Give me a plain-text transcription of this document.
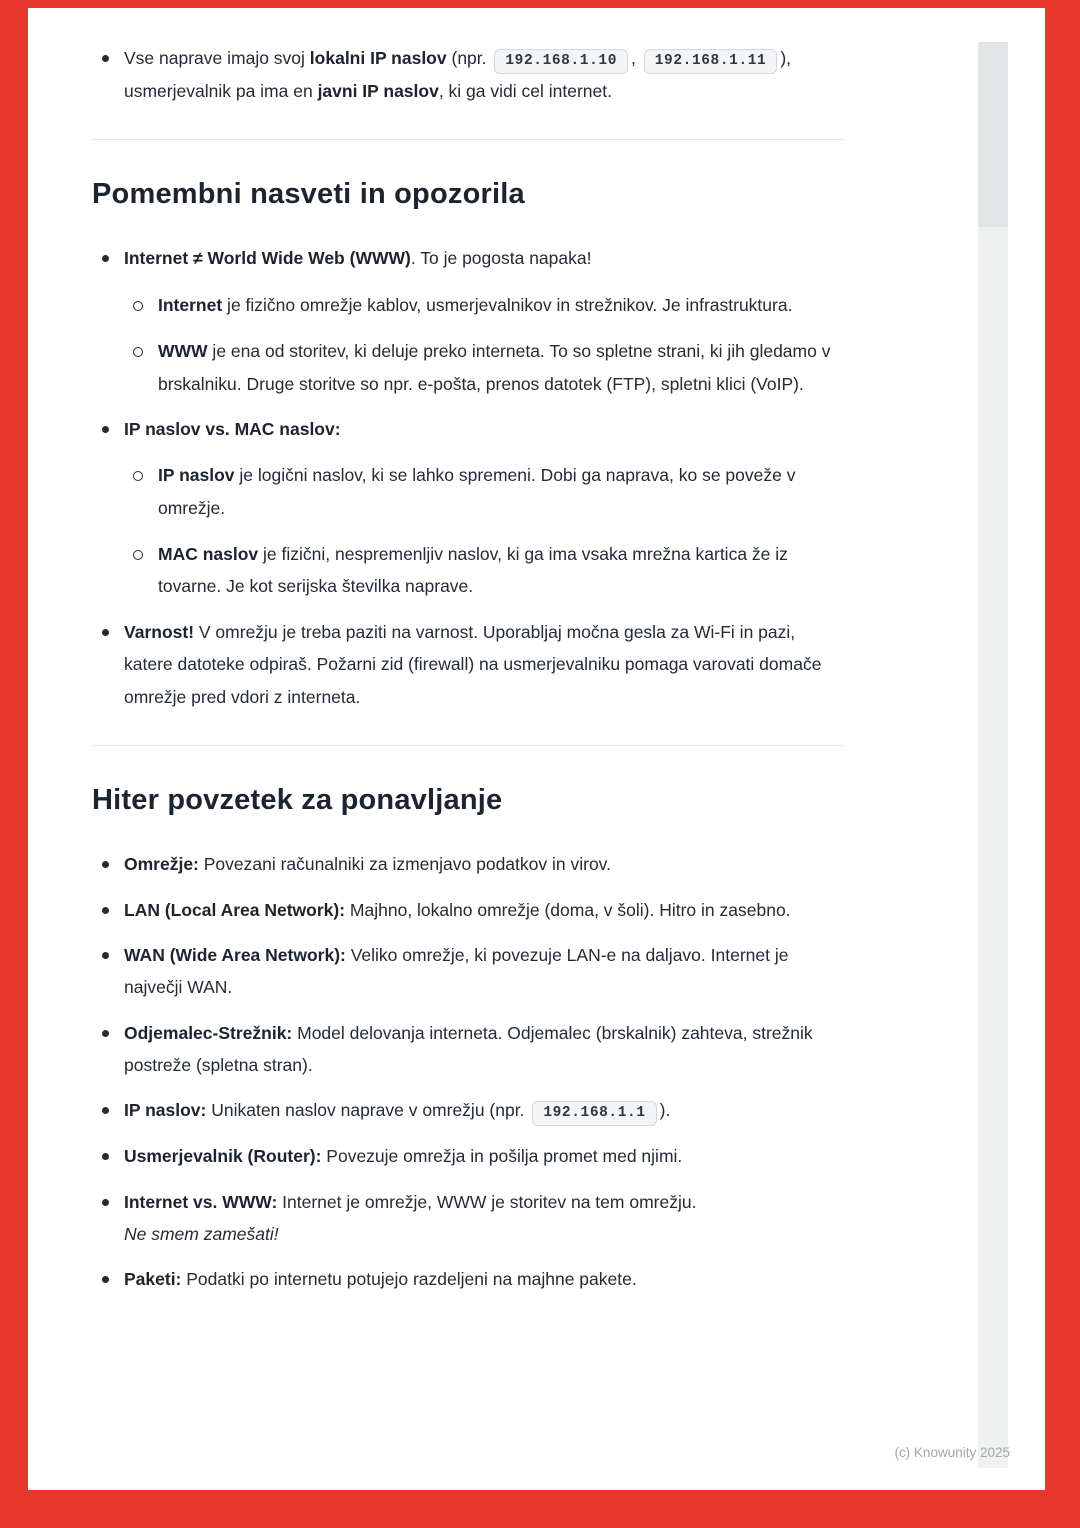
Vse naprave imajo svoj lokalni IP naslov (npr. 192.168.1.10 , 192.168.1.11 ), usmerjevalnik pa ima en javni IP naslov, ki ga vidi cel internet.
Pomembni nasveti in opozorila
Internet ≠ World Wide Web (WWW). To je pogosta napaka!
Internet je fizično omrežje kablov, usmerjevalnikov in strežnikov. Je infrastruktura.
WWW je ena od storitev, ki deluje preko interneta. To so spletne strani, ki jih gledamo v brskalniku. Druge storitve so npr. e-pošta, prenos datotek (FTP), spletni klici (VoIP).
IP naslov vs. MAC naslov:
IP naslov je logični naslov, ki se lahko spremeni. Dobi ga naprava, ko se poveže v omrežje.
MAC naslov je fizični, nespremenljiv naslov, ki ga ima vsaka mrežna kartica že iz tovarne. Je kot serijska številka naprave.
Varnost! V omrežju je treba paziti na varnost. Uporabljaj močna gesla za Wi-Fi in pazi, katere datoteke odpiraš. Požarni zid (firewall) na usmerjevalniku pomaga varovati domače omrežje pred vdori z interneta.
Hiter povzetek za ponavljanje
Omrežje: Povezani računalniki za izmenjavo podatkov in virov.
LAN (Local Area Network): Majhno, lokalno omrežje (doma, v šoli). Hitro in zasebno.
WAN (Wide Area Network): Veliko omrežje, ki povezuje LAN-e na daljavo. Internet je največji WAN.
Odjemalec-Strežnik: Model delovanja interneta. Odjemalec (brskalnik) zahteva, strežnik postreže (spletna stran).
IP naslov: Unikaten naslov naprave v omrežju (npr. 192.168.1.1 ).
Usmerjevalnik (Router): Povezuje omrežja in pošilja promet med njimi.
Internet vs. WWW: Internet je omrežje, WWW je storitev na tem omrežju.
Ne smem zamešati!
Paketi: Podatki po internetu potujejo razdeljeni na majhne pakete.
(c) Knowunity 2025
